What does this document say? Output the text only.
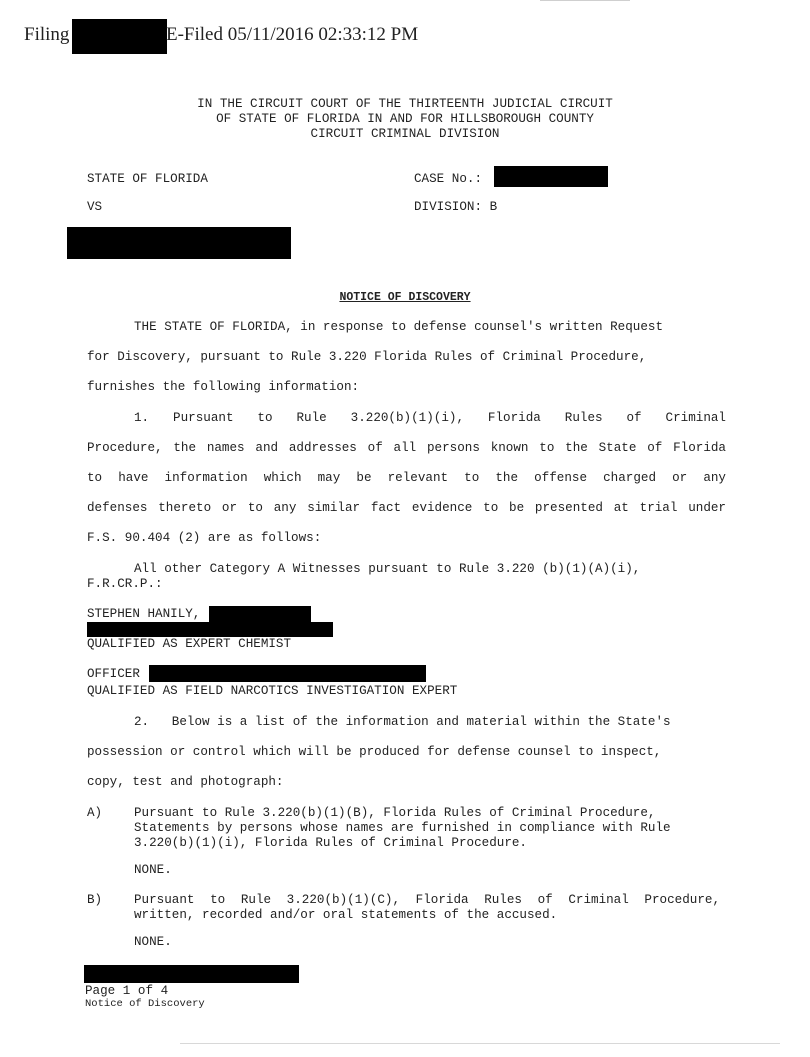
Filing	E-Filed 05/11/2016 02:33:12 PM
IN THE CIRCUIT COURT OF THE THIRTEENTH JUDICIAL CIRCUIT
OF STATE OF FLORIDA IN AND FOR HILLSBOROUGH COUNTY
CIRCUIT CRIMINAL DIVISION
STATE OF FLORIDA	CASE No.:
VS	DIVISION: B
NOTICE OF DISCOVERY
THE STATE OF FLORIDA, in response to defense counsel's written Request
for Discovery, pursuant to Rule 3.220 Florida Rules of Criminal Procedure,
furnishes the following information:
1. Pursuant to Rule 3.220(b)(1)(i), Florida Rules of Criminal
Procedure, the names and addresses of all persons known to the State of Florida
to have information which may be relevant to the offense charged or any
defenses thereto or to any similar fact evidence to be presented at trial under
F.S. 90.404 (2) are as follows:
All other Category A Witnesses pursuant to Rule 3.220 (b)(1)(A)(i),
F.R.CR.P.:
STEPHEN HANILY,
QUALIFIED AS EXPERT CHEMIST
OFFICER
QUALIFIED AS FIELD NARCOTICS INVESTIGATION EXPERT
2.   Below is a list of the information and material within the State's
possession or control which will be produced for defense counsel to inspect,
copy, test and photograph:
A)	Pursuant to Rule 3.220(b)(1)(B), Florida Rules of Criminal Procedure,
Statements by persons whose names are furnished in compliance with Rule
3.220(b)(1)(i), Florida Rules of Criminal Procedure.
NONE.
B)	Pursuant to Rule 3.220(b)(1)(C), Florida Rules of Criminal Procedure,
written, recorded and/or oral statements of the accused.
NONE.
Page 1 of 4
Notice of Discovery
